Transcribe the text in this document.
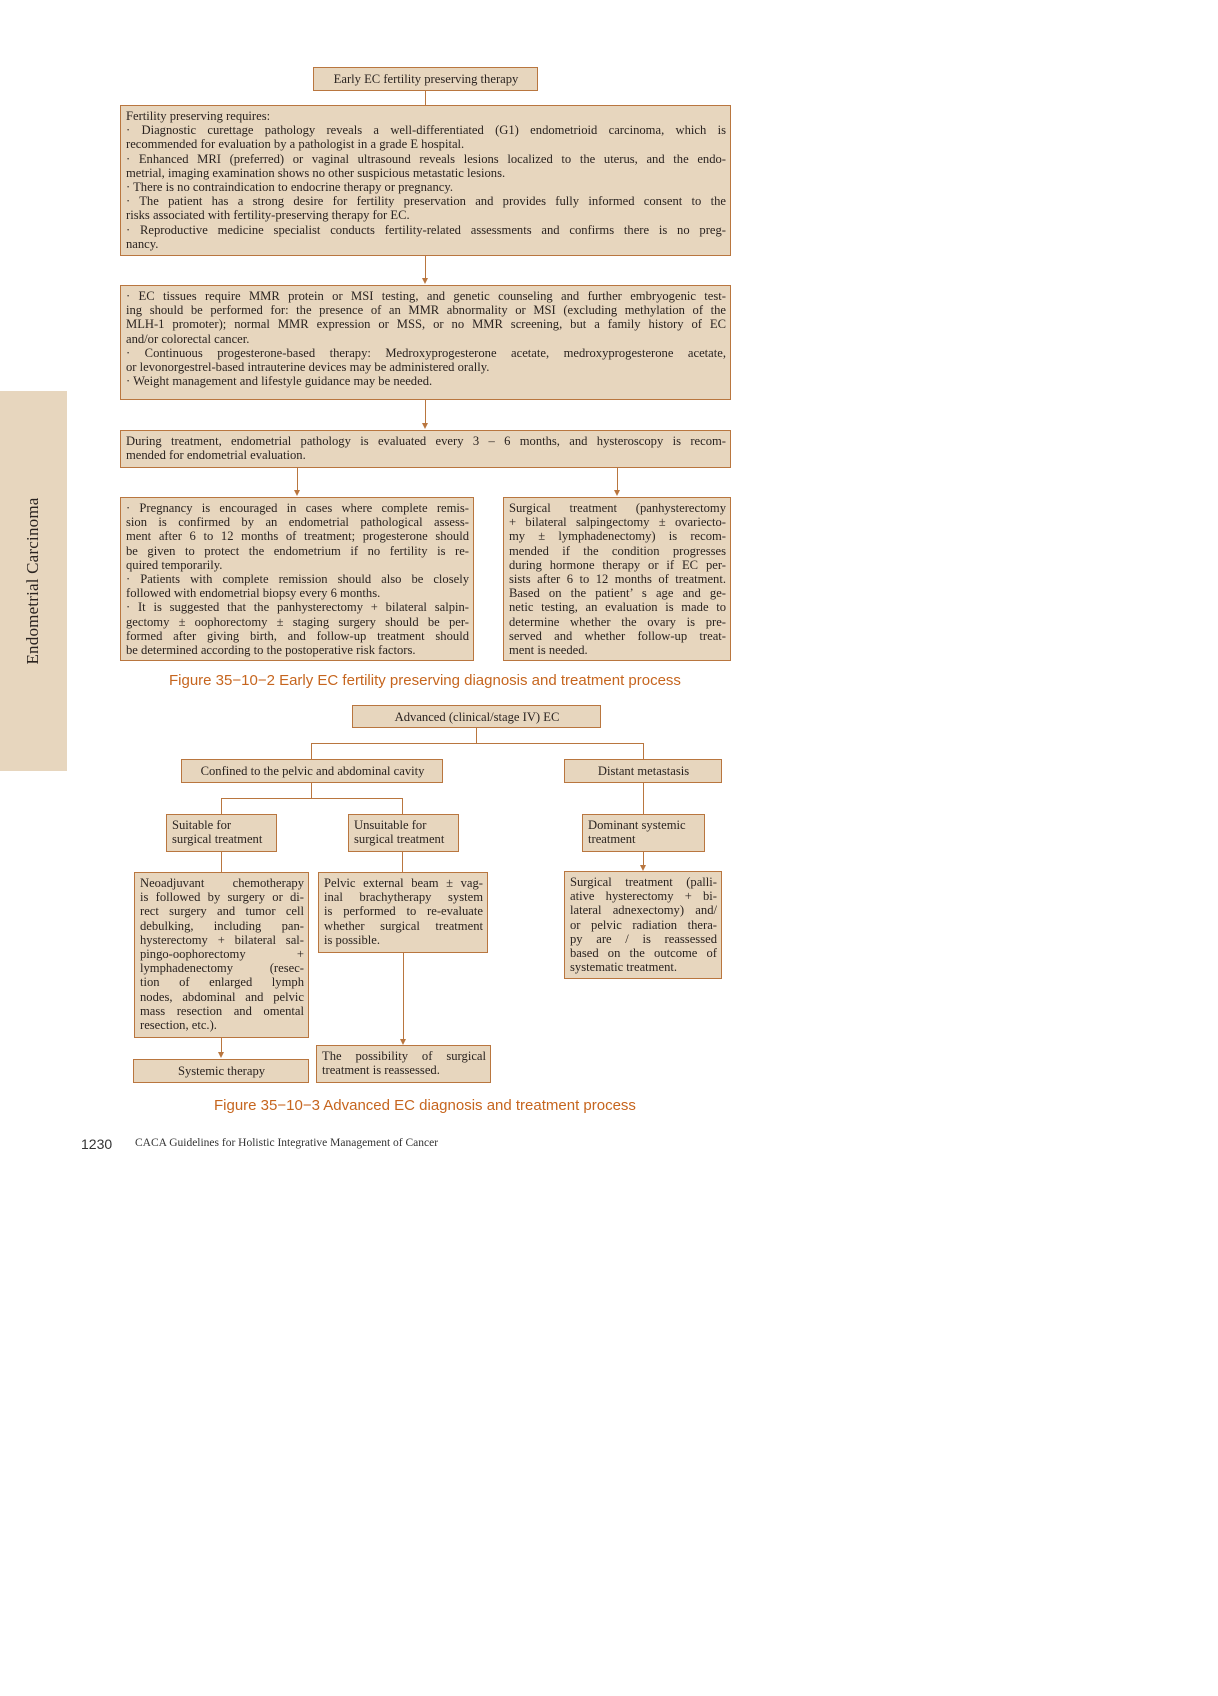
Endometrial Carcinoma
Early EC fertility preserving therapy
Fertility preserving requires:
· Diagnostic curettage pathology reveals a well-differentiated (G1) endometrioid carcinoma, which is
recommended for evaluation by a pathologist in a grade E hospital.
· Enhanced MRI (preferred) or vaginal ultrasound reveals lesions localized to the uterus, and the endo-
metrial, imaging examination shows no other suspicious metastatic lesions.
· There is no contraindication to endocrine therapy or pregnancy.
· The patient has a strong desire for fertility preservation and provides fully informed consent to the
risks associated with fertility-preserving therapy for EC.
· Reproductive medicine specialist conducts fertility-related assessments and confirms there is no preg-
nancy.
· EC tissues require MMR protein or MSI testing, and genetic counseling and further embryogenic test-
ing should be performed for: the presence of an MMR abnormality or MSI (excluding methylation of the
MLH-1 promoter); normal MMR expression or MSS, or no MMR screening, but a family history of EC
and/or colorectal cancer.
· Continuous progesterone-based therapy: Medroxyprogesterone acetate, medroxyprogesterone acetate,
or levonorgestrel-based intrauterine devices may be administered orally.
· Weight management and lifestyle guidance may be needed.
During treatment, endometrial pathology is evaluated every 3 – 6 months, and hysteroscopy is recom-
mended for endometrial evaluation.
· Pregnancy is encouraged in cases where complete remis-
sion is confirmed by an endometrial pathological assess-
ment after 6 to 12 months of treatment; progesterone should
be given to protect the endometrium if no fertility is re-
quired temporarily.
· Patients with complete remission should also be closely
followed with endometrial biopsy every 6 months.
· It is suggested that the panhysterectomy + bilateral salpin-
gectomy ± oophorectomy ± staging surgery should be per-
formed after giving birth, and follow-up treatment should
be determined according to the postoperative risk factors.
Surgical treatment (panhysterectomy
+ bilateral salpingectomy ± ovariecto-
my ± lymphadenectomy) is recom-
mended if the condition progresses
during hormone therapy or if EC per-
sists after 6 to 12 months of treatment.
Based on the patient’ s age and ge-
netic testing, an evaluation is made to
determine whether the ovary is pre-
served and whether follow-up treat-
ment is needed.
Figure 35−10−2 Early EC fertility preserving diagnosis and treatment process
Advanced (clinical/stage IV) EC
Confined to the pelvic and abdominal cavity	Distant metastasis
Suitable for
surgical treatment
Unsuitable for
surgical treatment
Dominant systemic
treatment
Neoadjuvant chemotherapy
is followed by surgery or di-
rect surgery and tumor cell
debulking, including pan-
hysterectomy + bilateral sal-
pingo-oophorectomy +
lymphadenectomy (resec-
tion of enlarged lymph
nodes, abdominal and pelvic
mass resection and omental
resection, etc.).
Pelvic external beam ± vag-
inal brachytherapy system
is performed to re-evaluate
whether surgical treatment
is possible.
Surgical treatment (palli-
ative hysterectomy + bi-
lateral adnexectomy) and/
or pelvic radiation thera-
py are / is reassessed
based on the outcome of
systematic treatment.
Systemic therapy
The possibility of surgical
treatment is reassessed.
Figure 35−10−3 Advanced EC diagnosis and treatment process
1230 CACA Guidelines for Holistic Integrative Management of Cancer
